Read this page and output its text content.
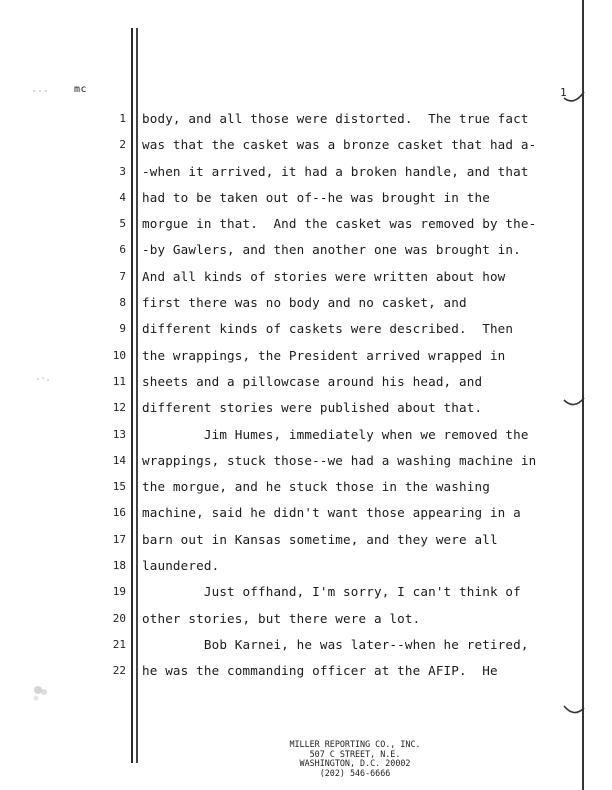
mc	1
1
2
3
4
5
6
7
8
9
10
11
12
13
14
15
16
17
18
19
20
21
22
body, and all those were distorted.  The true fact
was that the casket was a bronze casket that had a-
-when it arrived, it had a broken handle, and that
had to be taken out of--he was brought in the
morgue in that.  And the casket was removed by the-
-by Gawlers, and then another one was brought in.
And all kinds of stories were written about how
first there was no body and no casket, and
different kinds of caskets were described.  Then
the wrappings, the President arrived wrapped in
sheets and a pillowcase around his head, and
different stories were published about that.
Jim Humes, immediately when we removed the
wrappings, stuck those--we had a washing machine in
the morgue, and he stuck those in the washing
machine, said he didn't want those appearing in a
barn out in Kansas sometime, and they were all
laundered.
Just offhand, I'm sorry, I can't think of
other stories, but there were a lot.
Bob Karnei, he was later--when he retired,
he was the commanding officer at the AFIP.  He
MILLER REPORTING CO., INC.
507 C STREET, N.E.
WASHINGTON, D.C. 20002
(202) 546-6666
